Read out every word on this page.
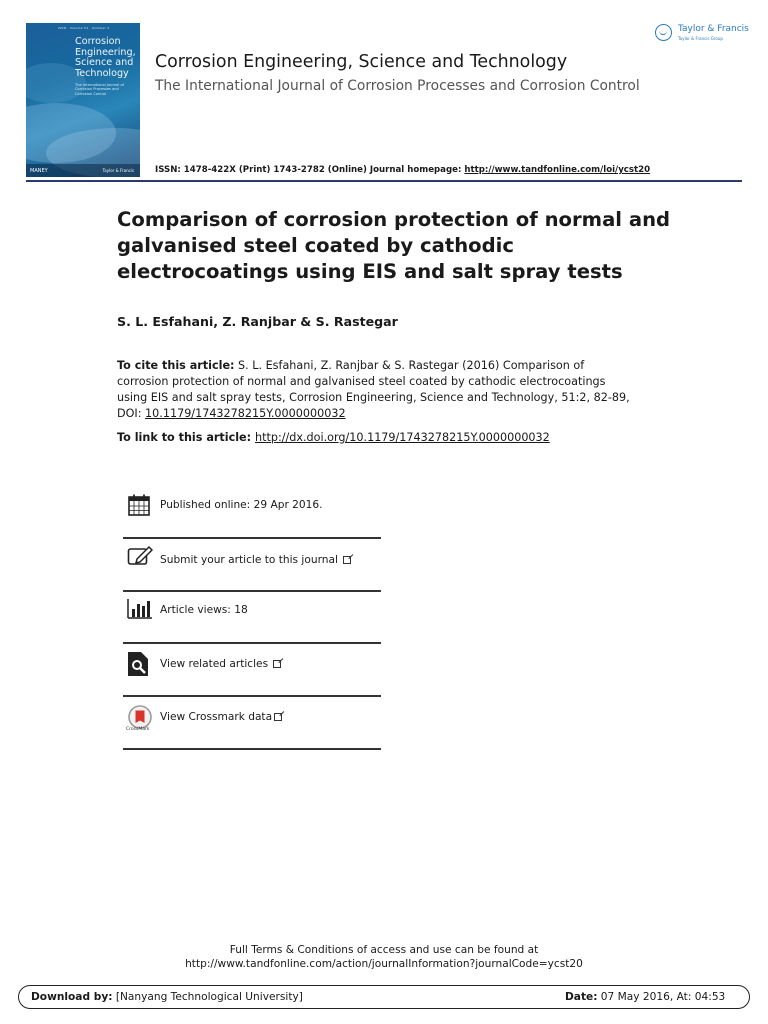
ISSN · Volume 51 · Number 2
Corrosion Engineering, Science and Technology
The International Journal of Corrosion Processes and Corrosion Control
MANEY	Taylor & Francis
Taylor & Francis
Taylor & Francis Group
Corrosion Engineering, Science and Technology
The International Journal of Corrosion Processes and Corrosion Control
ISSN: 1478-422X (Print) 1743-2782 (Online) Journal homepage: http://www.tandfonline.com/loi/ycst20
Comparison of corrosion protection of normal and galvanised steel coated by cathodic electrocoatings using EIS and salt spray tests
S. L. Esfahani, Z. Ranjbar & S. Rastegar
To cite this article: S. L. Esfahani, Z. Ranjbar & S. Rastegar (2016) Comparison of corrosion protection of normal and galvanised steel coated by cathodic electrocoatings using EIS and salt spray tests, Corrosion Engineering, Science and Technology, 51:2, 82-89, DOI: 10.1179/1743278215Y.0000000032
To link to this article: http://dx.doi.org/10.1179/1743278215Y.0000000032
Published online: 29 Apr 2016.
Submit your article to this journal
Article views: 18
View related articles
CrossMark
View Crossmark data
Full Terms & Conditions of access and use can be found at
http://www.tandfonline.com/action/journalInformation?journalCode=ycst20
Download by: [Nanyang Technological University]	Date: 07 May 2016, At: 04:53
